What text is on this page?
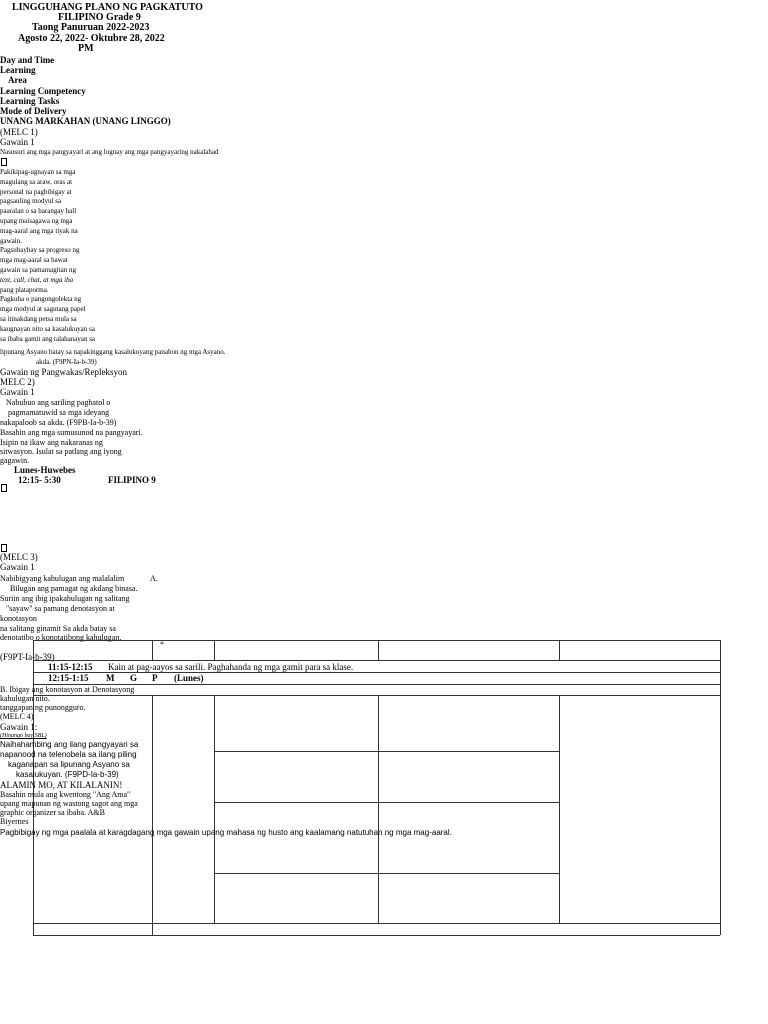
LINGGUHANG PLANO NG PAGKATUTO
FILIPINO Grade 9
Taong Panuruan 2022-2023
Agosto 22, 2022- Oktubre 28, 2022
PM
Day and Time
Learning
Area
Learning Competency
Learning Tasks
Mode of Delivery
UNANG MARKAHAN (UNANG LINGGO)
(MELC 1)
Gawain 1
Nasusuri ang mga pangyayari at ang lugnay ang mga pangyayaring nakalahad
Pakikipag-ugnayan sa mga
magulang sa araw, oras at
personal na pagbibigay at
pagsauling modyul sa
paaralan o sa barangay hall
upang maisagawa ng mga
mag-aaral ang mga tiyak na
gawain.
Pagsubaybay sa progreso ng
mga mag-aaral sa bawat
gawain sa pamamagitan ng
text, call, chat, at mga iba
pang plataporma.
Pagkuha o pangongolekta ng
mga modyul at sagutang papel
sa itinakdang petsa mula sa
kaugnayan nito sa kasalukuyan sa
sa ibaba gamit ang talahanayan sa
lipunang Asyano batay sa napakinggang kasalukuyang panahon ng mga Asyano.
akda. (F9PN-Ia-b-39)
Gawain ng Pangwakas/Repleksyon
MELC 2)
Gawain 1
Nabubuo ang sariling paghatol o
pagmamatuwid sa mga ideyang
nakapaloob sa akda. (F9PB-Ia-b-39)
Basahin ang mga sumusunod na pangyayari.
Isipin na ikaw ang nakaranas ng
sitwasyon. Isulat sa patlang ang iyong
gagawin.
Lunes-Huwebes
12:15- 5:30	FILIPINO 9
(MELC 3)
Gawain 1
Nabibigyang kahulugan ang malalalim	A.
Bilugan ang pamagat ng akdang binasa.
Suriin ang ibig ipakahulugan ng salitang
"sayaw" sa pamang denotasyon at
konotasyon
na salitang ginamit Sa akda batay sa
denotatibo o konotatibong kahulugan.
(F9PT-Ia-b-39)
*
11:15-12:15 Kain at pag-aayos sa sarili. Paghahanda ng mga gamit para sa klase.
12:15-1:15 M G P (Lunes)
B. Ibigay ang konotasyon at Denotasyong
kahulugan nito.
tanggapan ng punongguro.
(MELC 4)
Gawain 1:
(Hinango bay SBL)
Naihahambing ang ilang pangyayari sa
napanood na telenobela sa ilang piling
kaganapan sa lipunang Asyano sa
kasalukuyan. (F9PD-Ia-b-39)
ALAMIN MO, AT KILALANIN!
Basahin mula ang kwentong "Ang Ama"
upang mapunan ng wastong sagot ang mga
graphic organizer sa ibaba. A&B
Biyernes
Pagbibigay ng mga paalala at karagdagang mga gawain upang mahasa ng husto ang kaalamang natutuhan ng mga mag-aaral.
